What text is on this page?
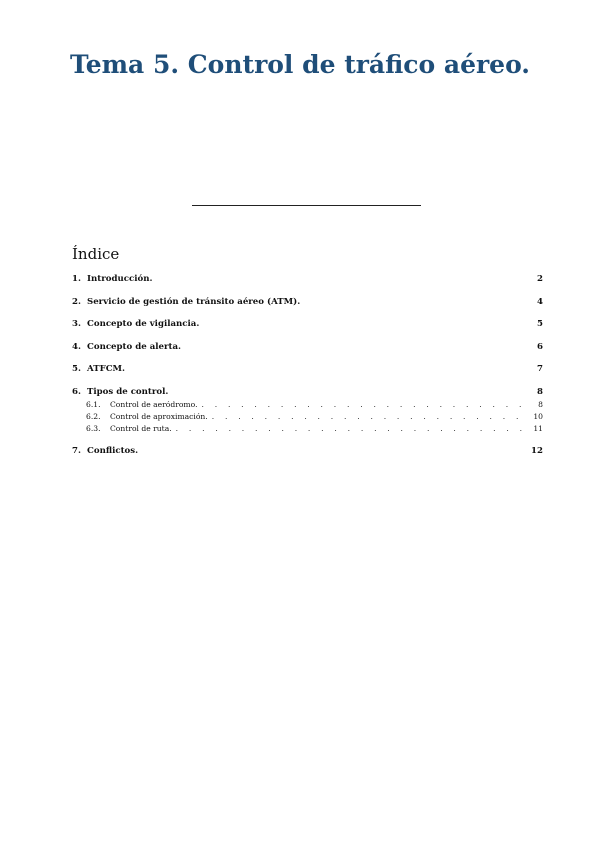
Tema 5. Control de tráfico aéreo.
Índice
1. Introducción.	2
2. Servicio de gestión de tránsito aéreo (ATM).	4
3. Concepto de vigilancia.	5
4. Concepto de alerta.	6
5. ATFCM.	7
6. Tipos de control.	8
6.1.	Control de aeródromo. . . .	8
6.2.	Control de aproximación. . . .	10
6.3.	Control de ruta. . . .	11
7. Conflictos.	12
